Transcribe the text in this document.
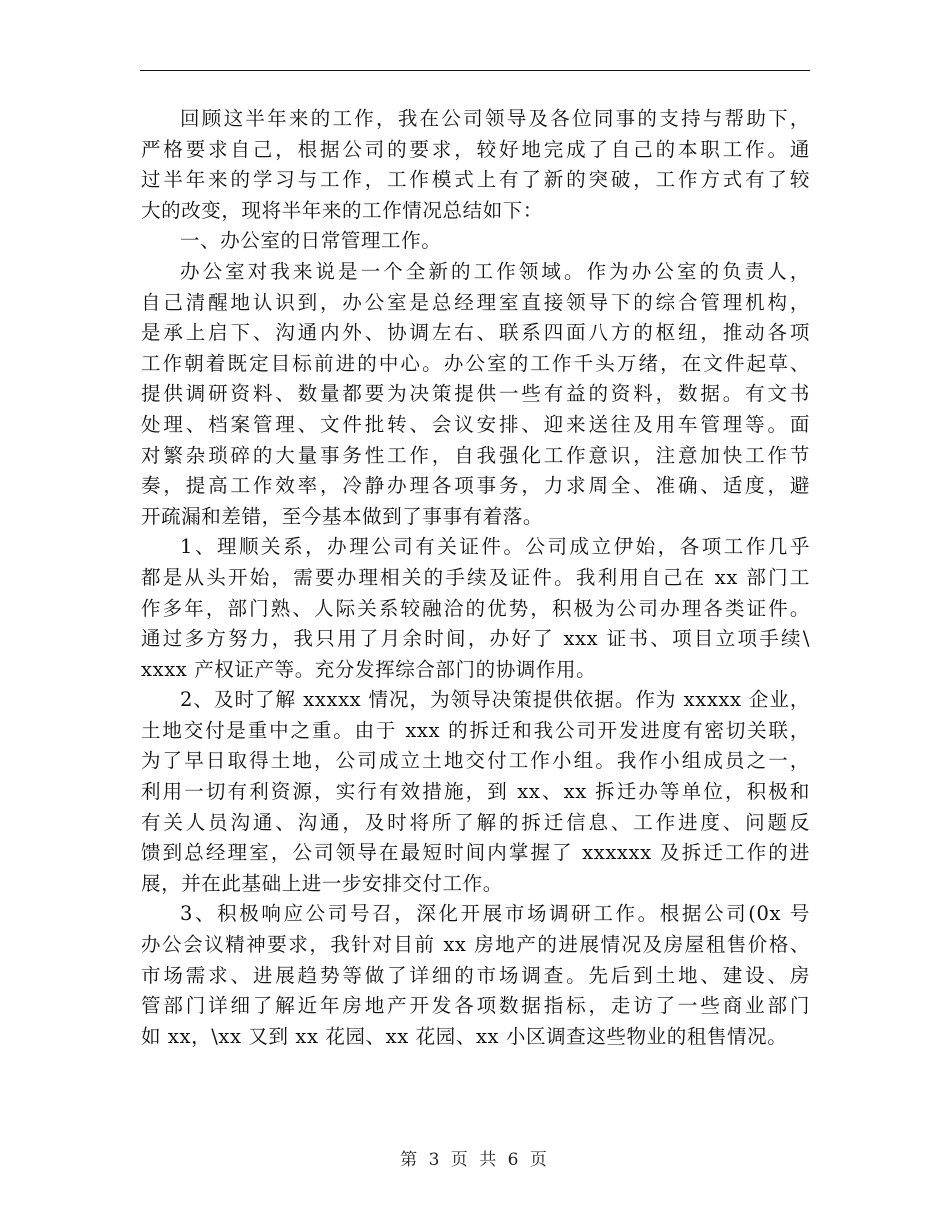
回顾这半年来的工作，我在公司领导及各位同事的支持与帮助下，
严格要求自己，根据公司的要求，较好地完成了自己的本职工作。通
过半年来的学习与工作，工作模式上有了新的突破，工作方式有了较
大的改变，现将半年来的工作情况总结如下：

一、办公室的日常管理工作。

办公室对我来说是一个全新的工作领域。作为办公室的负责人，
自己清醒地认识到，办公室是总经理室直接领导下的综合管理机构，
是承上启下、沟通内外、协调左右、联系四面八方的枢纽，推动各项
工作朝着既定目标前进的中心。办公室的工作千头万绪，在文件起草、
提供调研资料、数量都要为决策提供一些有益的资料，数据。有文书
处理、档案管理、文件批转、会议安排、迎来送往及用车管理等。面
对繁杂琐碎的大量事务性工作，自我强化工作意识，注意加快工作节
奏，提高工作效率，冷静办理各项事务，力求周全、准确、适度，避
开疏漏和差错，至今基本做到了事事有着落。

1、理顺关系，办理公司有关证件。公司成立伊始，各项工作几乎
都是从头开始，需要办理相关的手续及证件。我利用自己在 xx 部门工
作多年，部门熟、人际关系较融洽的优势，积极为公司办理各类证件。
通过多方努力，我只用了月余时间，办好了 xxx 证书、项目立项手续\
xxxx 产权证产等。充分发挥综合部门的协调作用。

2、及时了解 xxxxx 情况，为领导决策提供依据。作为 xxxxx 企业，
土地交付是重中之重。由于 xxx 的拆迁和我公司开发进度有密切关联，
为了早日取得土地，公司成立土地交付工作小组。我作小组成员之一，
利用一切有利资源，实行有效措施，到 xx、xx 拆迁办等单位，积极和
有关人员沟通、沟通，及时将所了解的拆迁信息、工作进度、问题反
馈到总经理室，公司领导在最短时间内掌握了 xxxxxx 及拆迁工作的进
展，并在此基础上进一步安排交付工作。

3、积极响应公司号召，深化开展市场调研工作。根据公司(0x 号
办公会议精神要求，我针对目前 xx 房地产的进展情况及房屋租售价格、
市场需求、进展趋势等做了详细的市场调查。先后到土地、建设、房
管部门详细了解近年房地产开发各项数据指标，走访了一些商业部门
如 xx，\xx 又到 xx 花园、xx 花园、xx 小区调查这些物业的租售情况。

第 3 页 共 6 页
